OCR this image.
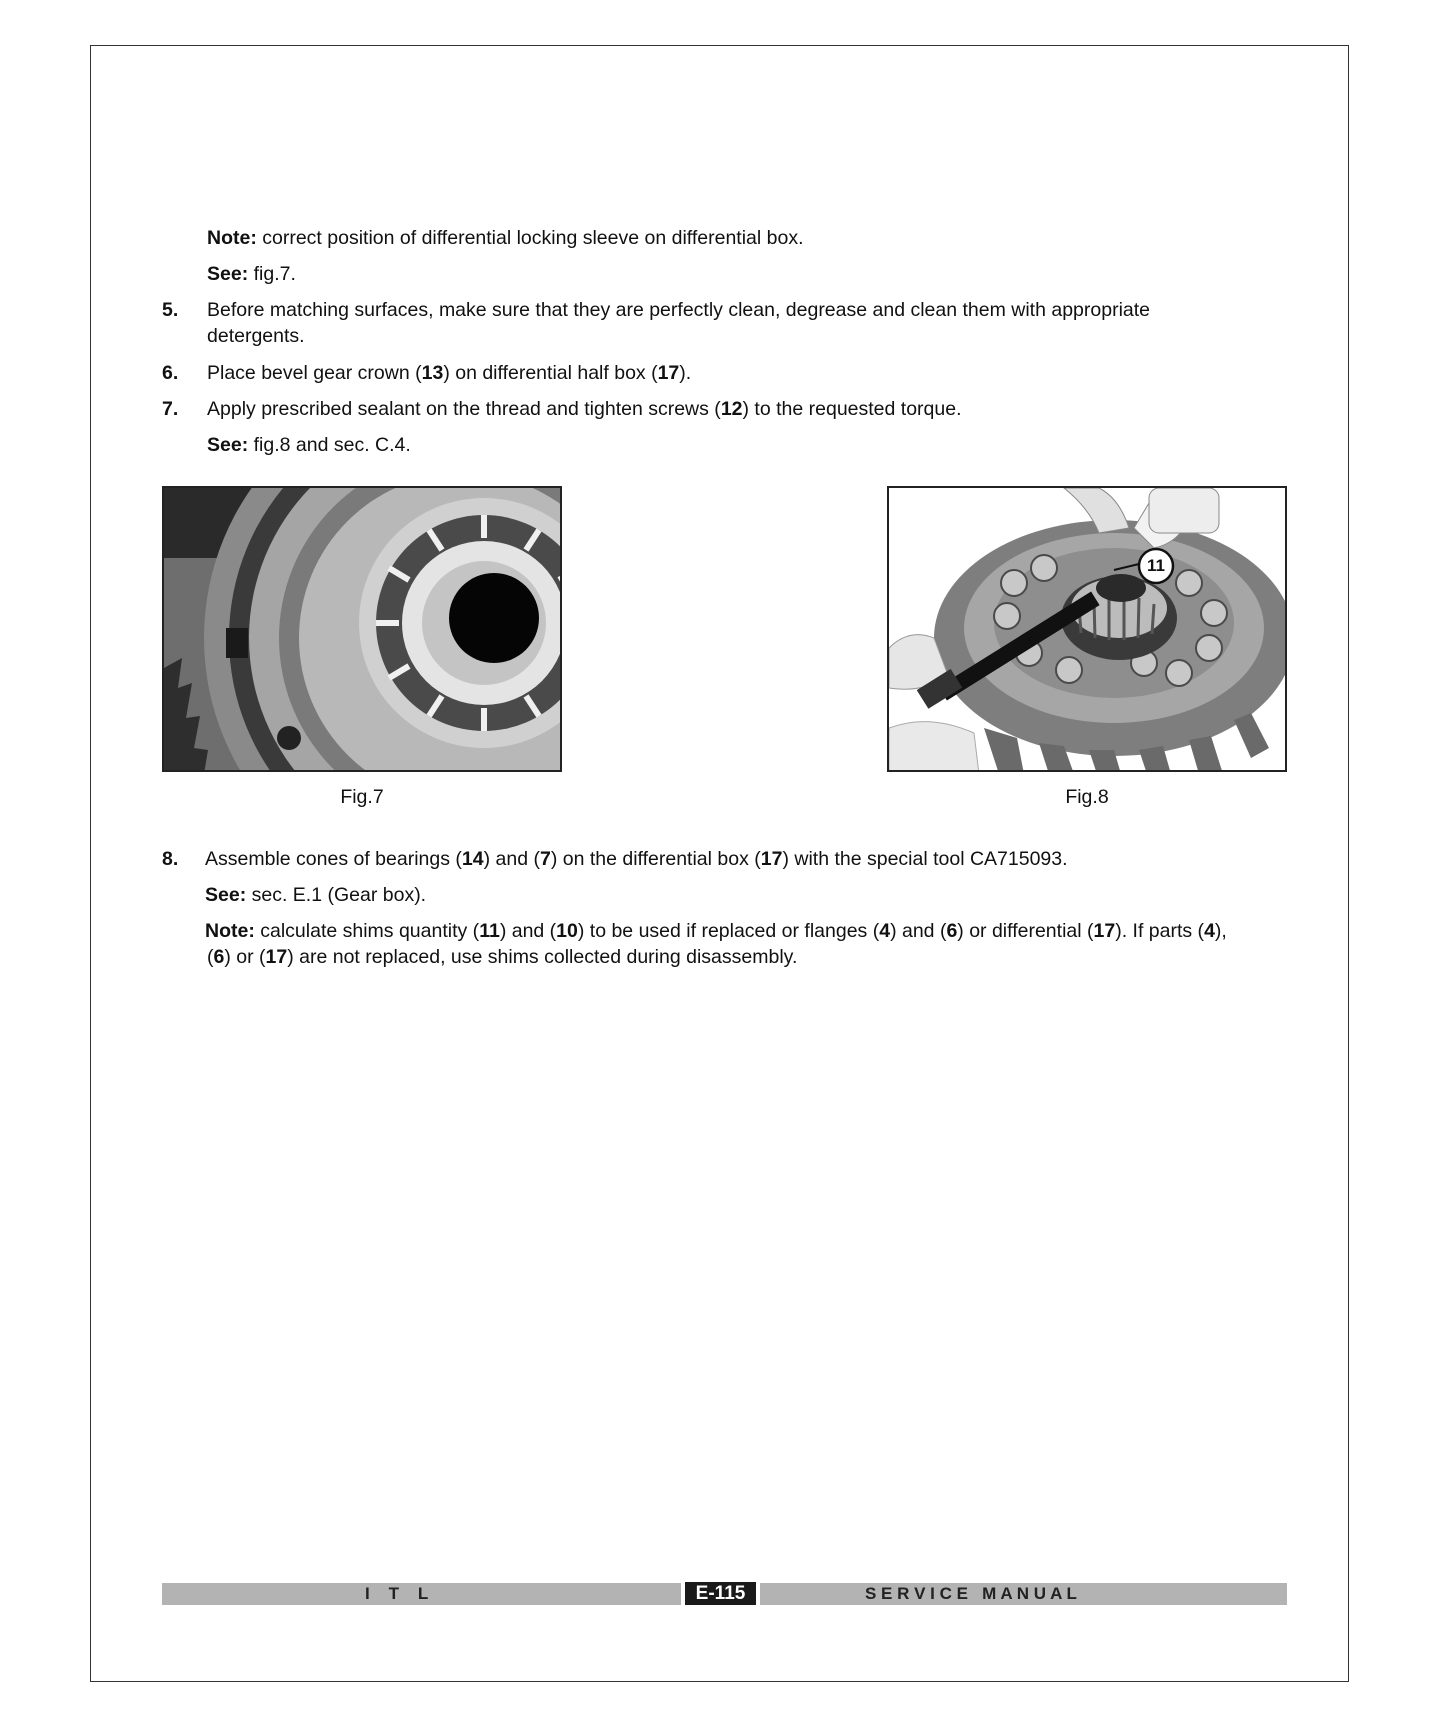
Note: correct position of differential locking sleeve on differential box.
See: fig.7.
5. Before matching surfaces, make sure that they are perfectly clean, degrease and clean them with appropriate
detergents.
6. Place bevel gear crown (13) on differential half box (17).
7. Apply prescribed sealant on the thread and tighten screws (12) to the requested torque.
See: fig.8 and sec. C.4.
Fig.7
11
Fig.8
8. Assemble cones of bearings (14) and (7) on the differential box (17) with the special tool CA715093.
See: sec. E.1 (Gear box).
Note: calculate shims quantity (11) and (10) to be used if replaced or flanges (4) and (6) or differential (17). If parts (4),
(6) or (17) are not replaced, use shims collected during disassembly.
I    T    L	E-115	S E R V I C E   M A N U A L
